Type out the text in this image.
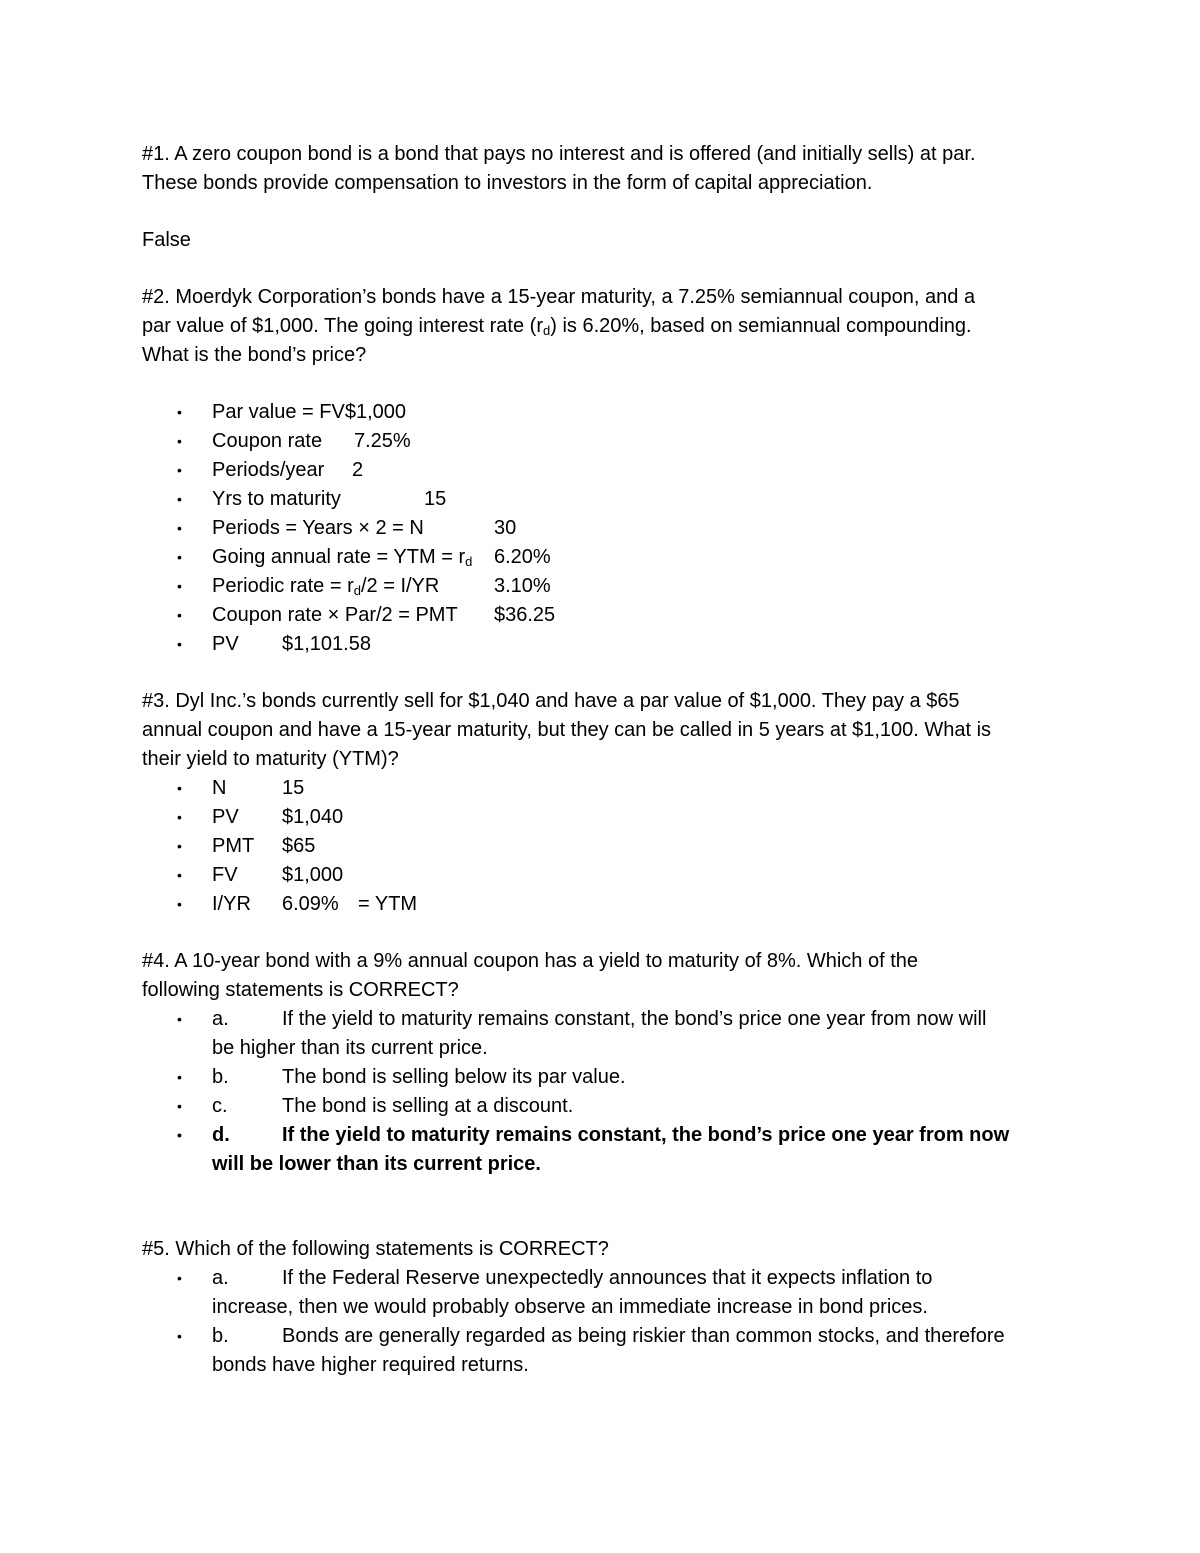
#1. A zero coupon bond is a bond that pays no interest and is offered (and initially sells) at par.

These bonds provide compensation to investors in the form of capital appreciation.

False

#2. Moerdyk Corporation’s bonds have a 15-year maturity, a 7.25% semiannual coupon, and a

par value of $1,000. The going interest rate $(r_d)$ is 6.20%, based on semiannual compounding.

What is the bond’s price?

• Par value = FV$1,000
• Coupon rate 7.25%
• Periods/year 2
• Yrs to maturity	15
• Periods = Years × 2 = N	30
• Going annual rate = YTM = $r_d$ 6.20%
• Periodic rate = $r_d/2 = I/YR$	3.10%
• Coupon rate × Par/2 = PMT $36.25
• PV $1,101.58

#3. Dyl Inc.’s bonds currently sell for $1,040 and have a par value of $1,000. They pay a $65

annual coupon and have a 15-year maturity, but they can be called in 5 years at $1,100. What is

their yield to maturity (YTM)?

• N	15
• PV $1,040
• PMT $65
• FV $1,000
• I/YR 6.09% = YTM

#4. A 10-year bond with a 9% annual coupon has a yield to maturity of 8%. Which of the

following statements is CORRECT?

• a.	If the yield to maturity remains constant, the bond’s price one year from now will
be higher than its current price.
• b.	The bond is selling below its par value.
• c.	The bond is selling at a discount.
• d.	If the yield to maturity remains constant, the bond’s price one year from now
will be lower than its current price.

#5. Which of the following statements is CORRECT?

• a.	If the Federal Reserve unexpectedly announces that it expects inflation to
increase, then we would probably observe an immediate increase in bond prices.
• b.	Bonds are generally regarded as being riskier than common stocks, and therefore
bonds have higher required returns.
